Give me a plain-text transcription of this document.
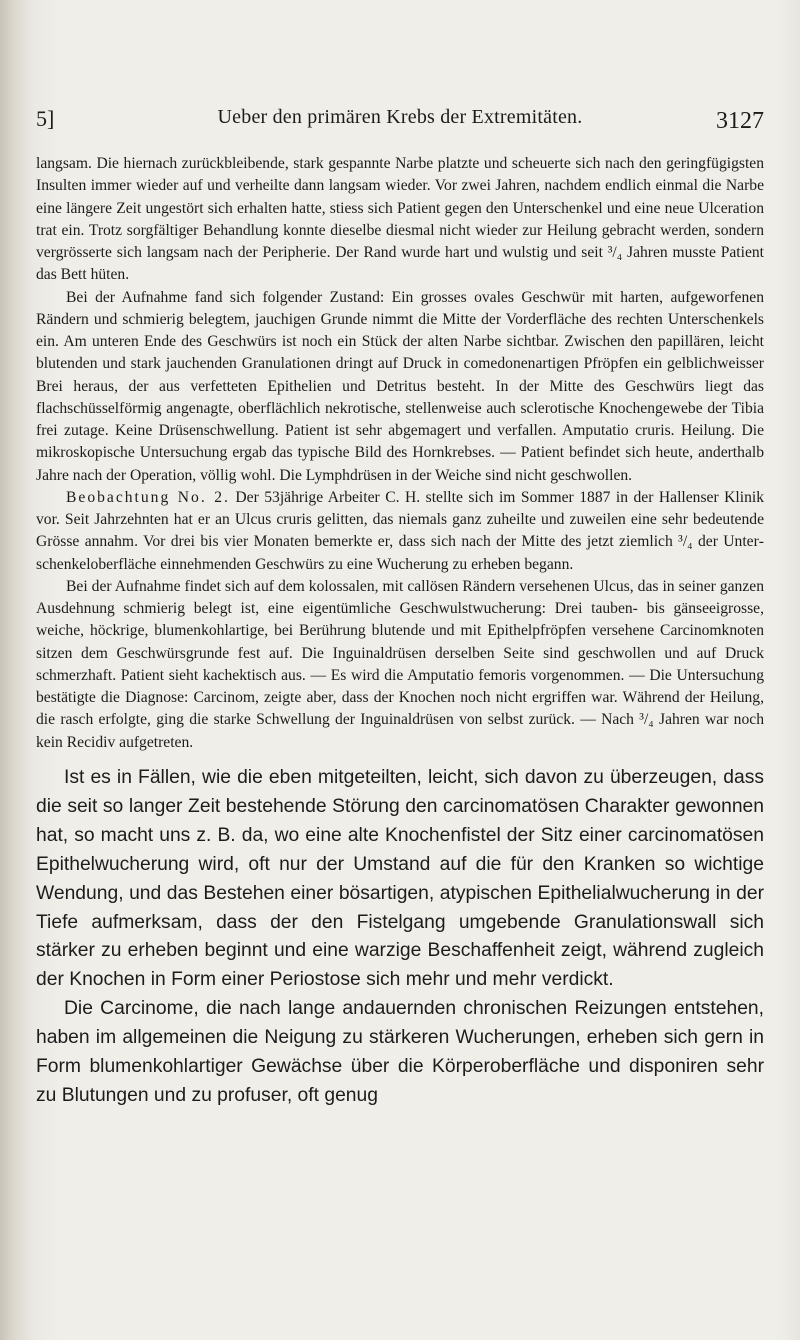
5]	Ueber den primären Krebs der Extremitäten.	3127

langsam. Die hiernach zurückbleibende, stark gespannte Narbe platzte und scheuerte sich nach den geringfügigsten Insulten immer wieder auf und verheilte dann langsam wieder. Vor zwei Jahren, nachdem endlich einmal die Narbe eine längere Zeit ungestört sich erhalten hatte, stiess sich Patient gegen den Unterschenkel und eine neue Ulceration trat ein. Trotz sorgfältiger Behandlung konnte dieselbe diesmal nicht wieder zur Heilung gebracht werden, sondern vergrösserte sich langsam nach der Peripherie. Der Rand wurde hart und wulstig und seit ³/₄ Jahren musste Patient das Bett hüten.

Bei der Aufnahme fand sich folgender Zustand: Ein grosses ovales Geschwür mit harten, aufgeworfenen Rändern und schmierig belegtem, jauchigen Grunde nimmt die Mitte der Vorderfläche des rechten Unterschenkels ein. Am unteren Ende des Geschwürs ist noch ein Stück der alten Narbe sichtbar. Zwischen den papillären, leicht blutenden und stark jauchenden Granulationen dringt auf Druck in comedonenartigen Pfröpfen ein gelblichweisser Brei heraus, der aus verfetteten Epithelien und Detritus besteht. In der Mitte des Geschwürs liegt das flachschüsselförmig angenagte, oberflächlich nekrotische, stellenweise auch sclerotische Knochengewebe der Tibia frei zutage. Keine Drüsenschwellung. Patient ist sehr abgemagert und verfallen. Amputatio cruris. Heilung. Die mikroskopische Untersuchung ergab das typische Bild des Hornkrebses. — Patient befindet sich heute, anderthalb Jahre nach der Operation, völlig wohl. Die Lymphdrüsen in der Weiche sind nicht geschwollen.

Beobachtung No. 2. Der 53jährige Arbeiter C. H. stellte sich im Sommer 1887 in der Hallenser Klinik vor. Seit Jahrzehnten hat er an Ulcus cruris gelitten, das niemals ganz zuheilte und zuweilen eine sehr bedeutende Grösse annahm. Vor drei bis vier Monaten bemerkte er, dass sich nach der Mitte des jetzt ziemlich ³/₄ der Unterschenkeloberfläche einnehmenden Geschwürs zu eine Wucherung zu erheben begann.

Bei der Aufnahme findet sich auf dem kolossalen, mit callösen Rändern versehenen Ulcus, das in seiner ganzen Ausdehnung schmierig belegt ist, eine eigentümliche Geschwulstwucherung: Drei tauben- bis gänseeigrosse, weiche, höckrige, blumenkohlartige, bei Berührung blutende und mit Epithelpfröpfen versehene Carcinomknoten sitzen dem Geschwürsgrunde fest auf. Die Inguinaldrüsen derselben Seite sind geschwollen und auf Druck schmerzhaft. Patient sieht kachektisch aus. — Es wird die Amputatio femoris vorgenommen. — Die Untersuchung bestätigte die Diagnose: Carcinom, zeigte aber, dass der Knochen noch nicht ergriffen war. Während der Heilung, die rasch erfolgte, ging die starke Schwellung der Inguinaldrüsen von selbst zurück. — Nach ³/₄ Jahren war noch kein Recidiv aufgetreten.

Ist es in Fällen, wie die eben mitgeteilten, leicht, sich davon zu überzeugen, dass die seit so langer Zeit bestehende Störung den carcinomatösen Charakter gewonnen hat, so macht uns z. B. da, wo eine alte Knochenfistel der Sitz einer carcinomatösen Epithelwucherung wird, oft nur der Umstand auf die für den Kranken so wichtige Wendung, und das Bestehen einer bösartigen, atypischen Epithelialwucherung in der Tiefe aufmerksam, dass der den Fistelgang umgebende Granulationswall sich stärker zu erheben beginnt und eine warzige Beschaffenheit zeigt, während zugleich der Knochen in Form einer Periostose sich mehr und mehr verdickt.

Die Carcinome, die nach lange andauernden chronischen Reizungen entstehen, haben im allgemeinen die Neigung zu stärkeren Wucherungen, erheben sich gern in Form blumenkohlartiger Gewächse über die Körperoberfläche und disponiren sehr zu Blutungen und zu profuser, oft genug
